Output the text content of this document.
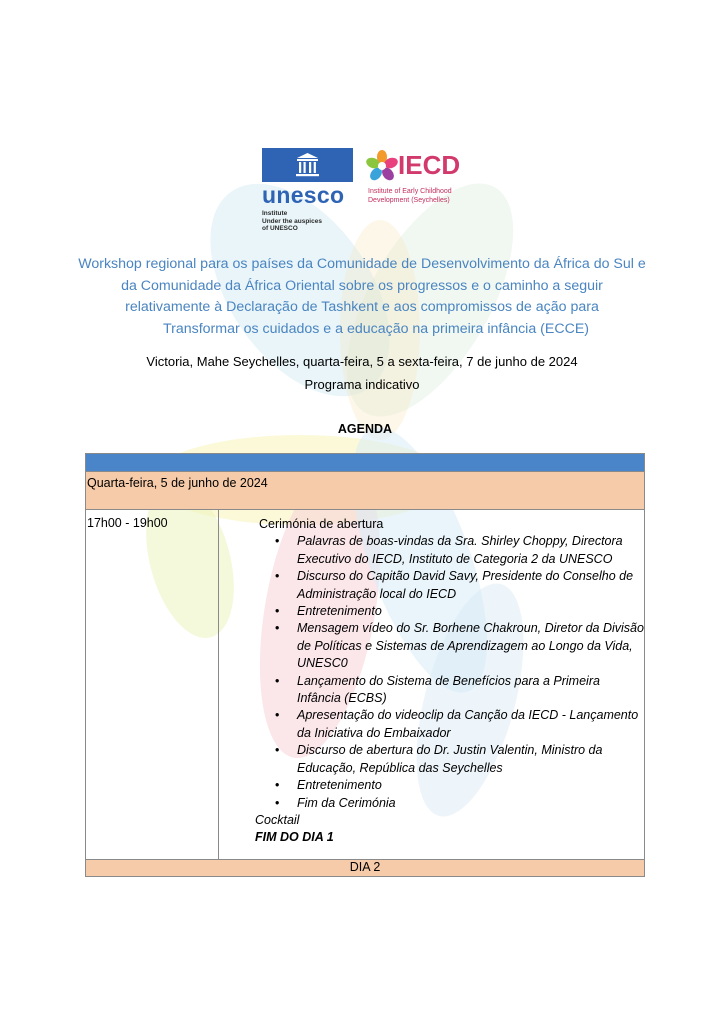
unesco
Institute
Under the auspices
of UNESCO
IECD
Institute of Early Childhood
Development (Seychelles)
Workshop regional para os países da Comunidade de Desenvolvimento da África do Sul e
da Comunidade da África Oriental sobre os progressos e o caminho a seguir
relativamente à Declaração de Tashkent e aos compromissos de ação para
Transformar os cuidados e a educação na primeira infância (ECCE)
Victoria, Mahe Seychelles, quarta-feira, 5 a sexta-feira, 7 de junho de 2024
Programa indicativo
AGENDA

Quarta-feira, 5 de junho de 2024
17h00 - 19h00	Cerimónia de abertura
• Palavras de boas-vindas da Sra. Shirley Choppy, Directora Executivo do IECD, Instituto de Categoria 2 da UNESCO
• Discurso do Capitão David Savy, Presidente do Conselho de Administração local do IECD
• Entretenimento
• Mensagem vídeo do Sr. Borhene Chakroun, Diretor da Divisão de Políticas e Sistemas de Aprendizagem ao Longo da Vida, UNESC0
• Lançamento do Sistema de Benefícios para a Primeira Infância (ECBS)
• Apresentação do videoclip da Canção da IECD - Lançamento da Iniciativa do Embaixador
• Discurso de abertura do Dr. Justin Valentin, Ministro da Educação, República das Seychelles
• Entretenimento
• Fim da Cerimónia
Cocktail
FIM DO DIA 1

DIA 2
